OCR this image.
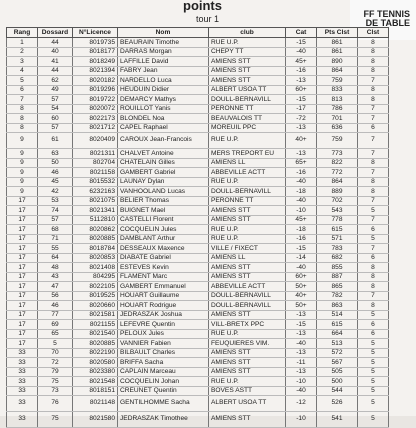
points
tour 1	FF TENNIS
DE TABLE
Rang	Dossard	N°Licence	Nom	club	Cat	Pts Clst	Clst
1	44	8019735	BEAURAIN Timothe	RUE U.P.	-15	861	8
2	40	8018177	DARRAS Morgan	CHEPY TT	-40	861	8
3	41	8018249	LAFFILLE David	AMIENS STT	45+	890	8
4	44	8021394	FABRY Jean	AMIENS STT	-16	864	8
5	62	8020182	NARDELLO Luca	AMIENS STT	-13	759	7
6	49	8019296	HEUDUIN Didier	ALBERT USOA TT	60+	833	8
7	57	8019722	DEMARCY Mathys	DOULL-BERNAVILL	-15	813	8
8	54	8020072	ROUILLOT Yanis	PERONNE TT	-17	786	7
8	60	8022173	BLONDEL Noa	BEAUVALOIS TT	-72	701	7
8	57	8021712	CAPEL Raphael	MOREUIL PPC	-13	636	6
9	61	8020409	CAROUX Jean-Francois	RUE U.P.	40+	759	7
9	63	8021311	CHALVET Antoine	MERS TREPORT EU	-13	773	7
9	50	802704	CHATELAIN Gilles	AMIENS LL	65+	822	8
9	46	8021158	GAMBERT Gabriel	ABBEVILLE ACTT	-16	772	7
9	45	8015532	LAUNAY Dylan	RUE U.P.	-40	864	8
9	42	6232163	VANHOOLAND Lucas	DOULL-BERNAVILL	-18	889	8
17	53	8021075	BELIER Thomas	PERONNE TT	-40	702	7
17	74	8021341	BUIGNET Mael	AMIENS STT	-10	543	5
17	57	5112810	CASTELLI Florent	AMIENS STT	45+	778	7
17	68	8020862	COCQUELIN Jules	RUE U.P.	-18	615	6
17	71	8020885	DAMBLANT Arthur	RUE U.P.	-16	571	5
17	55	8018784	DESSEAUX Maxence	VILLE / FIXECT	-15	783	7
17	64	8020853	DIABATE Gabriel	AMIENS LL	-14	682	6
17	48	8021408	ESTEVES Kevin	AMIENS STT	-40	855	8
17	43	804295	FLAMENT Marc	AMIENS STT	60+	887	8
17	47	8022105	GAMBERT Emmanuel	ABBEVILLE ACTT	50+	865	8
17	56	8019525	HOUART Guillaume	DOULL-BERNAVILL	40+	782	7
17	46	8020660	HOUART Rodrigue	DOULL-BERNAVILL	50+	863	8
17	77	8021581	JEDRASZAK Joshua	AMIENS STT	-13	514	5
17	69	8021155	LEFEVRE Quentin	VILL-BRETX PPC	-15	615	6
17	65	8021540	PELOUX Jules	RUE U.P.	-13	664	6
17	5	8020885	VANNIER Fabien	FEUQUIERES VIM.	-40	513	5
33	70	8022190	BILBAULT Charles	AMIENS STT	-13	572	5
33	72	8020580	BRIFFA Sacha	AMIENS STT	-11	567	5
33	79	8023380	CAPLAIN Marceau	AMIENS STT	-13	505	5
33	75	8021548	COCQUELIN Johan	RUE U.P.	-10	500	5
33	73	8018151	CREUNET Quentin	BOVES ASTT	-40	544	5
33	76	8021148	GENTILHOMME Sacha	ALBERT USOA TT	-12	526	5
33	75	8021580	JEDRASZAK Timothee	AMIENS STT	-10	541	5
